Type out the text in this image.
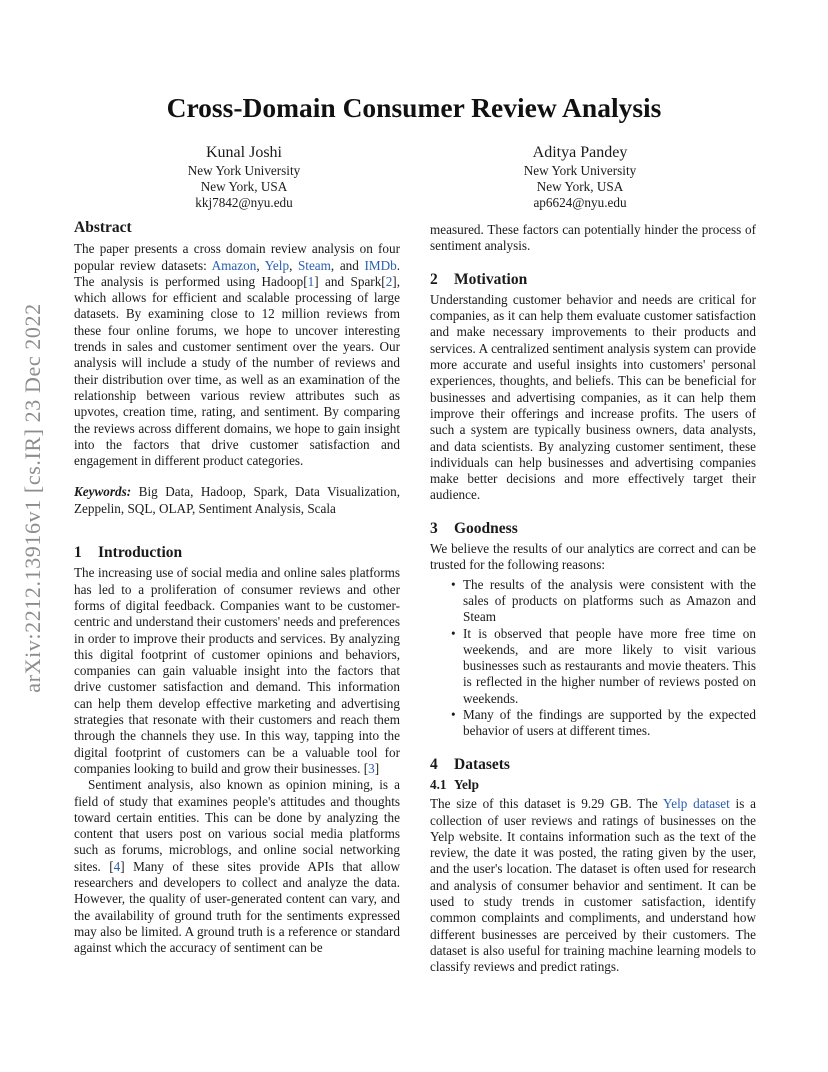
arXiv:2212.13916v1 [cs.IR] 23 Dec 2022
Cross-Domain Consumer Review Analysis
Kunal Joshi
New York University
New York, USA
kkj7842@nyu.edu
Aditya Pandey
New York University
New York, USA
ap6624@nyu.edu
Abstract

The paper presents a cross domain review analysis on four popular review datasets: Amazon, Yelp, Steam, and IMDb. The analysis is performed using Hadoop[1] and Spark[2], which allows for efficient and scalable processing of large datasets. By examining close to 12 million reviews from these four online forums, we hope to uncover interesting trends in sales and customer sentiment over the years. Our analysis will include a study of the number of reviews and their distribution over time, as well as an examination of the relationship between various review attributes such as upvotes, creation time, rating, and sentiment. By comparing the reviews across different domains, we hope to gain insight into the factors that drive customer satisfaction and engagement in different product categories.

Keywords: Big Data, Hadoop, Spark, Data Visualization, Zeppelin, SQL, OLAP, Sentiment Analysis, Scala

1 Introduction

The increasing use of social media and online sales platforms has led to a proliferation of consumer reviews and other forms of digital feedback. Companies want to be customer-centric and understand their customers' needs and preferences in order to improve their products and services. By analyzing this digital footprint of customer opinions and behaviors, companies can gain valuable insight into the factors that drive customer satisfaction and demand. This information can help them develop effective marketing and advertising strategies that resonate with their customers and reach them through the channels they use. In this way, tapping into the digital footprint of customers can be a valuable tool for companies looking to build and grow their businesses. [3]

Sentiment analysis, also known as opinion mining, is a field of study that examines people's attitudes and thoughts toward certain entities. This can be done by analyzing the content that users post on various social media platforms such as forums, microblogs, and online social networking sites. [4] Many of these sites provide APIs that allow researchers and developers to collect and analyze the data. However, the quality of user-generated content can vary, and the availability of ground truth for the sentiments expressed may also be limited. A ground truth is a reference or standard against which the accuracy of sentiment can be

measured. These factors can potentially hinder the process of sentiment analysis.

2 Motivation

Understanding customer behavior and needs are critical for companies, as it can help them evaluate customer satisfaction and make necessary improvements to their products and services. A centralized sentiment analysis system can provide more accurate and useful insights into customers' personal experiences, thoughts, and beliefs. This can be beneficial for businesses and advertising companies, as it can help them improve their offerings and increase profits. The users of such a system are typically business owners, data analysts, and data scientists. By analyzing customer sentiment, these individuals can help businesses and advertising companies make better decisions and more effectively target their audience.

3 Goodness

We believe the results of our analytics are correct and can be trusted for the following reasons:

• The results of the analysis were consistent with the sales of products on platforms such as Amazon and Steam
• It is observed that people have more free time on weekends, and are more likely to visit various businesses such as restaurants and movie theaters. This is reflected in the higher number of reviews posted on weekends.
• Many of the findings are supported by the expected behavior of users at different times.
4 Datasets
4.1 Yelp

The size of this dataset is 9.29 GB. The Yelp dataset is a collection of user reviews and ratings of businesses on the Yelp website. It contains information such as the text of the review, the date it was posted, the rating given by the user, and the user's location. The dataset is often used for research and analysis of consumer behavior and sentiment. It can be used to study trends in customer satisfaction, identify common complaints and compliments, and understand how different businesses are perceived by their customers. The dataset is also useful for training machine learning models to classify reviews and predict ratings.
